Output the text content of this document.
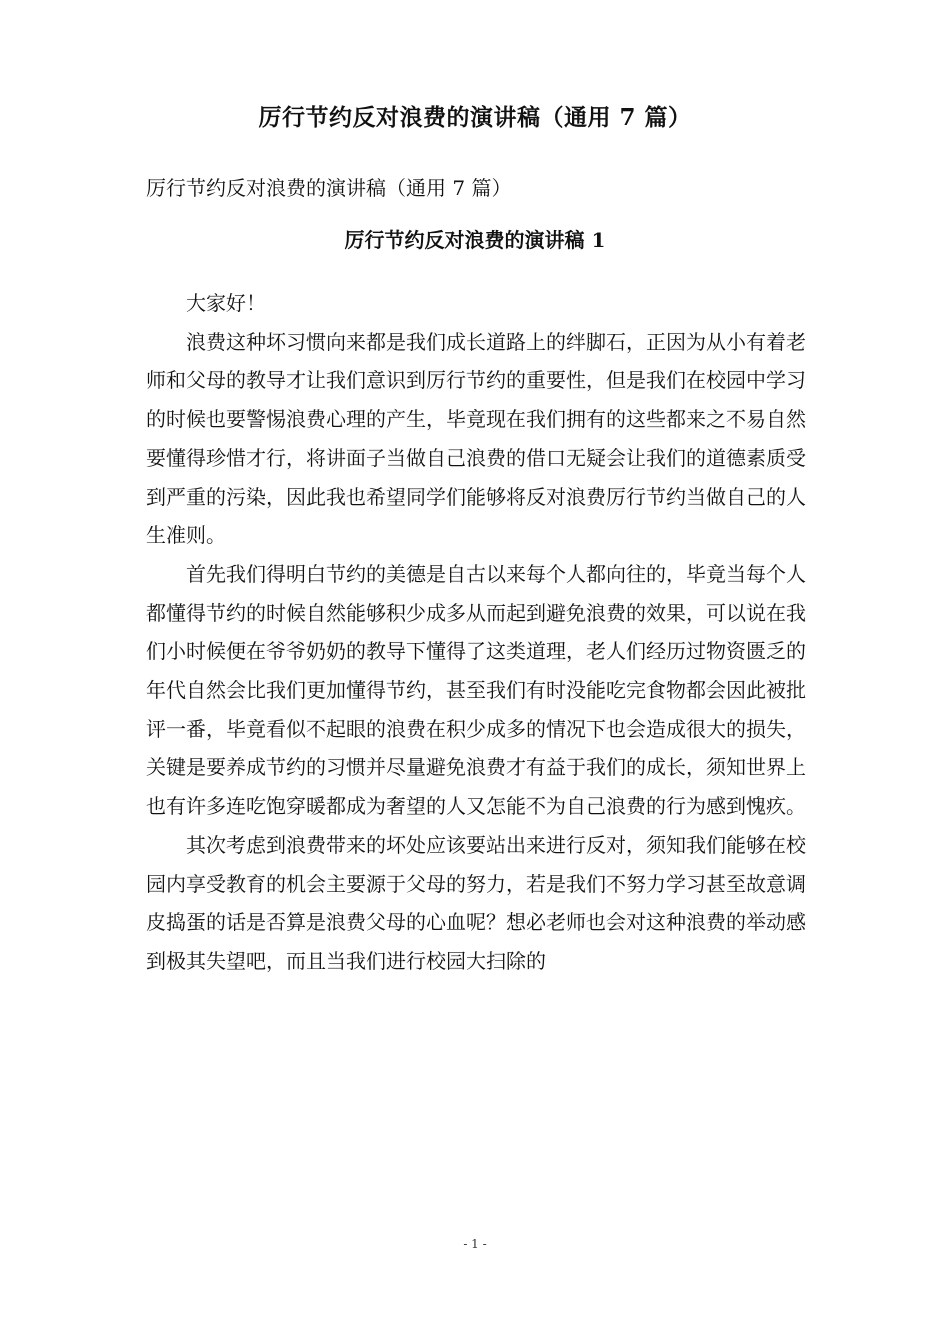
厉行节约反对浪费的演讲稿（通用 7 篇）
厉行节约反对浪费的演讲稿（通用 7 篇）
厉行节约反对浪费的演讲稿 1

大家好！

浪费这种坏习惯向来都是我们成长道路上的绊脚石，正因为从小有着老师和父母的教导才让我们意识到厉行节约的重要性，但是我们在校园中学习的时候也要警惕浪费心理的产生，毕竟现在我们拥有的这些都来之不易自然要懂得珍惜才行，将讲面子当做自己浪费的借口无疑会让我们的道德素质受到严重的污染，因此我也希望同学们能够将反对浪费厉行节约当做自己的人生准则。

首先我们得明白节约的美德是自古以来每个人都向往的，毕竟当每个人都懂得节约的时候自然能够积少成多从而起到避免浪费的效果，可以说在我们小时候便在爷爷奶奶的教导下懂得了这类道理，老人们经历过物资匮乏的年代自然会比我们更加懂得节约，甚至我们有时没能吃完食物都会因此被批评一番，毕竟看似不起眼的浪费在积少成多的情况下也会造成很大的损失，关键是要养成节约的习惯并尽量避免浪费才有益于我们的成长，须知世界上也有许多连吃饱穿暖都成为奢望的人又怎能不为自己浪费的行为感到愧疚。

其次考虑到浪费带来的坏处应该要站出来进行反对，须知我们能够在校园内享受教育的机会主要源于父母的努力，若是我们不努力学习甚至故意调皮捣蛋的话是否算是浪费父母的心血呢？想必老师也会对这种浪费的举动感到极其失望吧，而且当我们进行校园大扫除的

- 1 -
